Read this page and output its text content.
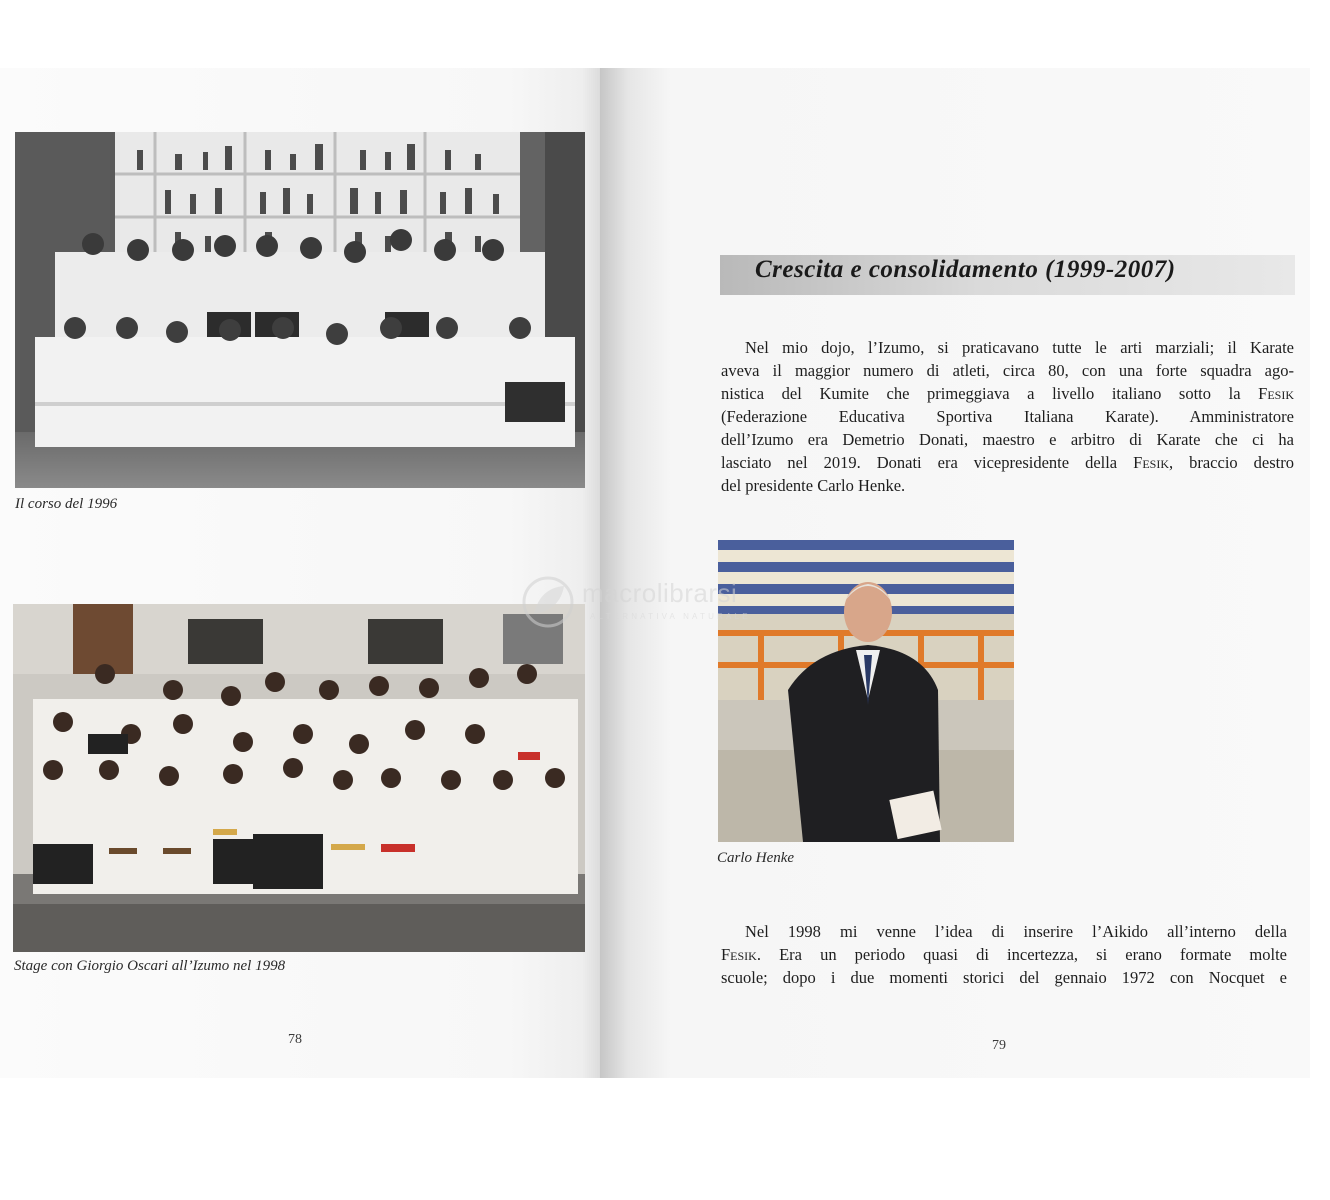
Il corso del 1996
Stage con Giorgio Oscari all’Izumo nel 1998
78
Crescita e consolidamento (1999-2007)
Nel mio dojo, l’Izumo, si praticavano tutte le arti marziali; il Karate
aveva il maggior numero di atleti, circa 80, con una forte squadra ago-
nistica del Kumite che primeggiava a livello italiano sotto la Fesik
(Federazione Educativa Sportiva Italiana Karate). Amministratore
dell’Izumo era Demetrio Donati, maestro e arbitro di Karate che ci ha
lasciato nel 2019. Donati era vicepresidente della Fesik, braccio destro
del presidente Carlo Henke.
Carlo Henke
Nel 1998 mi venne l’idea di inserire l’Aikido all’interno della
Fesik. Era un periodo quasi di incertezza, si erano formate molte
scuole; dopo i due momenti storici del gennaio 1972 con Nocquet e
79
macrolibrarsi
ALTERNATIVA NATURALE
